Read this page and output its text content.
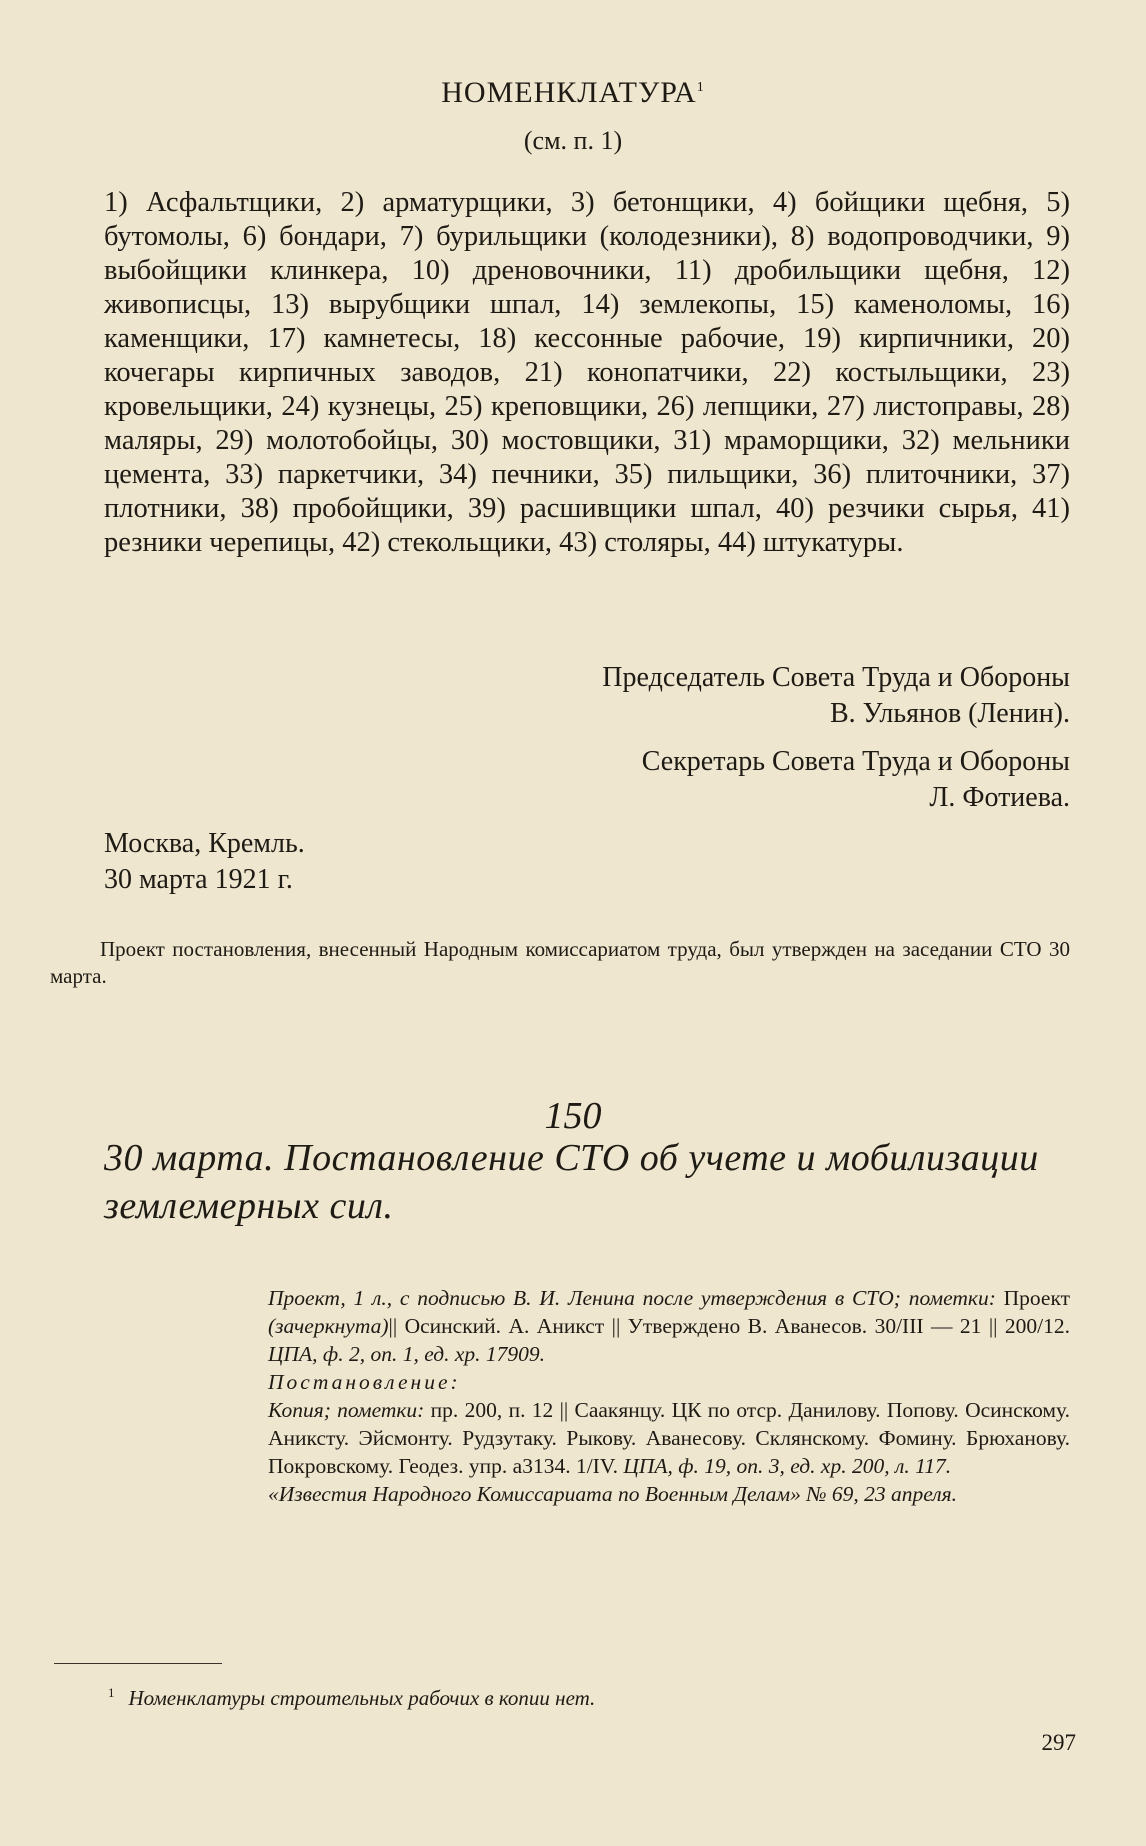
НОМЕНКЛАТУРА$^1$
(см. п. 1)
1) Асфальтщики, 2) арматурщики, 3) бетонщики, 4) бойщики щебня, 5) бутомолы, 6) бондари, 7) бурильщики (колодезники), 8) водопроводчики, 9) выбойщики клинкера, 10) дреновочники, 11) дробильщики щебня, 12) живописцы, 13) вырубщики шпал, 14) землекопы, 15) каменоломы, 16) каменщики, 17) камнетесы, 18) кессонные рабочие, 19) кирпичники, 20) кочегары кирпичных заводов, 21) конопатчики, 22) костыльщики, 23) кровельщики, 24) кузнецы, 25) креповщики, 26) лепщики, 27) листоправы, 28) маляры, 29) молотобойцы, 30) мостовщики, 31) мраморщики, 32) мельники цемента, 33) паркетчики, 34) печники, 35) пильщики, 36) плиточники, 37) плотники, 38) пробойщики, 39) расшивщики шпал, 40) резчики сырья, 41) резники черепицы, 42) стекольщики, 43) столяры, 44) штукатуры.
Председатель Совета Труда и Обороны
В. Ульянов (Ленин).
Секретарь Совета Труда и Обороны
Л. Фотиева.
Москва, Кремль.
30 марта 1921 г.
Проект постановления, внесенный Народным комиссариатом труда, был утвержден на заседании СТО 30 марта.
150
30 марта. Постановление СТО об учете и мобилизации землемерных сил.

Проект, 1 л., с подписью В. И. Ленина после утверждения в СТО; пометки: Проект (зачеркнута)|| Осинский. А. Аникст || Утверждено В. Аванесов. 30/III — 21 || 200/12. ЦПА, ф. 2, оп. 1, ед. хр. 17909.

Постановление:

Копия; пометки: пр. 200, п. 12 || Саакянцу. ЦК по отср. Данилову. Попову. Осинскому. Аниксту. Эйсмонту. Рудзутаку. Рыкову. Аванесову. Склянскому. Фомину. Брюханову. Покровскому. Геодез. упр. а3134. 1/IV. ЦПА, ф. 19, оп. 3, ед. хр. 200, л. 117.

«Известия Народного Комиссариата по Военным Делам» № 69, 23 апреля.

$^1$ Номенклатуры строительных рабочих в копии нет.
297
